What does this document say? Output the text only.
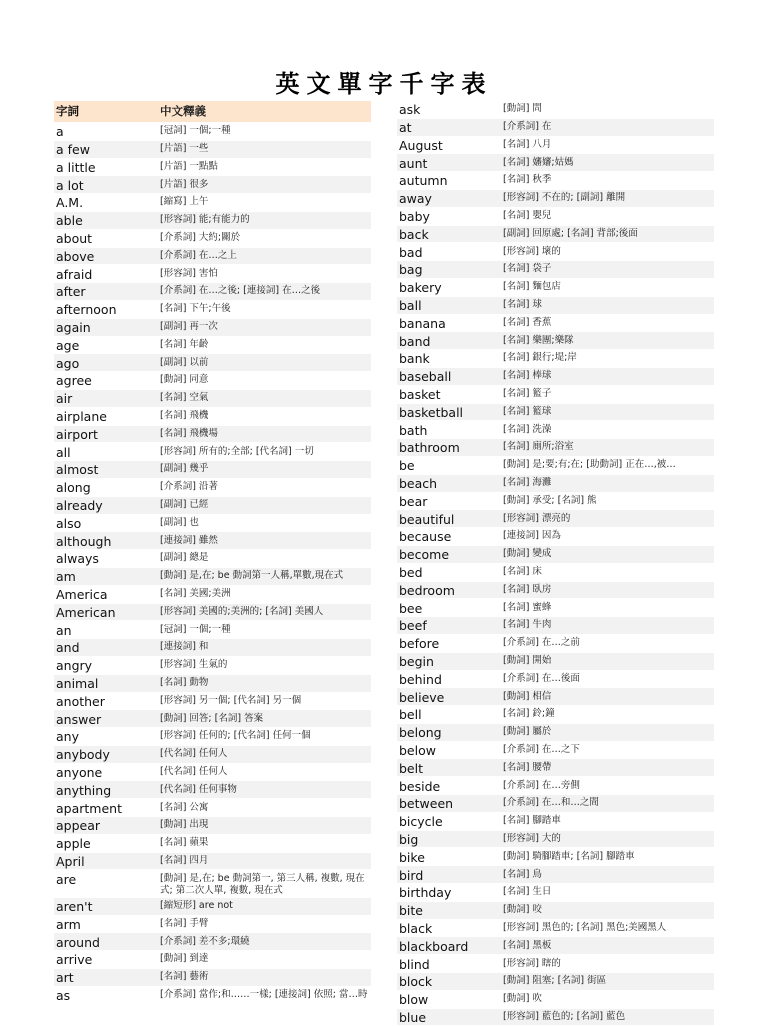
英文單字千字表
字詞	中文釋義
a	[冠詞] 一個;一種
a few	[片語] 一些
a little	[片語] 一點點
a lot	[片語] 很多
A.M.	[縮寫] 上午
able	[形容詞] 能;有能力的
about	[介系詞] 大約;關於
above	[介系詞] 在…之上
afraid	[形容詞] 害怕
after	[介系詞] 在…之後; [連接詞] 在…之後
afternoon	[名詞] 下午;午後
again	[副詞] 再一次
age	[名詞] 年齡
ago	[副詞] 以前
agree	[動詞] 同意
air	[名詞] 空氣
airplane	[名詞] 飛機
airport	[名詞] 飛機場
all	[形容詞] 所有的;全部; [代名詞] 一切
almost	[副詞] 幾乎
along	[介系詞] 沿著
already	[副詞] 已經
also	[副詞] 也
although	[連接詞] 雖然
always	[副詞] 總是
am	[動詞] 是,在; be 動詞第一人稱,單數,現在式
America	[名詞] 美國;美洲
American	[形容詞] 美國的;美洲的; [名詞] 美國人
an	[冠詞] 一個;一種
and	[連接詞] 和
angry	[形容詞] 生氣的
animal	[名詞] 動物
another	[形容詞] 另一個; [代名詞] 另一個
answer	[動詞] 回答; [名詞] 答案
any	[形容詞] 任何的; [代名詞] 任何一個
anybody	[代名詞] 任何人
anyone	[代名詞] 任何人
anything	[代名詞] 任何事物
apartment	[名詞] 公寓
appear	[動詞] 出現
apple	[名詞] 蘋果
April	[名詞] 四月
are	[動詞] 是,在; be 動詞第一, 第三人稱, 複數, 現在式; 第二次人單, 複數, 現在式
aren't	[縮短形] are not
arm	[名詞] 手臂
around	[介系詞] 差不多;環繞
arrive	[動詞] 到達
art	[名詞] 藝術
as	[介系詞] 當作;和……一樣; [連接詞] 依照; 當…時
ask	[動詞] 問
at	[介系詞] 在
August	[名詞] 八月
aunt	[名詞] 嬸嬸;姑媽
autumn	[名詞] 秋季
away	[形容詞] 不在的; [副詞] 離開
baby	[名詞] 嬰兒
back	[副詞] 回原處; [名詞] 背部;後面
bad	[形容詞] 壞的
bag	[名詞] 袋子
bakery	[名詞] 麵包店
ball	[名詞] 球
banana	[名詞] 香蕉
band	[名詞] 樂團;樂隊
bank	[名詞] 銀行;堤;岸
baseball	[名詞] 棒球
basket	[名詞] 籃子
basketball	[名詞] 籃球
bath	[名詞] 洗澡
bathroom	[名詞] 廁所;浴室
be	[動詞] 是;要;有;在; [助動詞] 正在…,被…
beach	[名詞] 海灘
bear	[動詞] 承受; [名詞] 熊
beautiful	[形容詞] 漂亮的
because	[連接詞] 因為
become	[動詞] 變成
bed	[名詞] 床
bedroom	[名詞] 臥房
bee	[名詞] 蜜蜂
beef	[名詞] 牛肉
before	[介系詞] 在…之前
begin	[動詞] 開始
behind	[介系詞] 在…後面
believe	[動詞] 相信
bell	[名詞] 鈴;鐘
belong	[動詞] 屬於
below	[介系詞] 在…之下
belt	[名詞] 腰帶
beside	[介系詞] 在…旁側
between	[介系詞] 在…和…之間
bicycle	[名詞] 腳踏車
big	[形容詞] 大的
bike	[動詞] 騎腳踏車; [名詞] 腳踏車
bird	[名詞] 鳥
birthday	[名詞] 生日
bite	[動詞] 咬
black	[形容詞] 黑色的; [名詞] 黑色;美國黑人
blackboard	[名詞] 黑板
blind	[形容詞] 瞎的
block	[動詞] 阻塞; [名詞] 街區
blow	[動詞] 吹
blue	[形容詞] 藍色的; [名詞] 藍色
